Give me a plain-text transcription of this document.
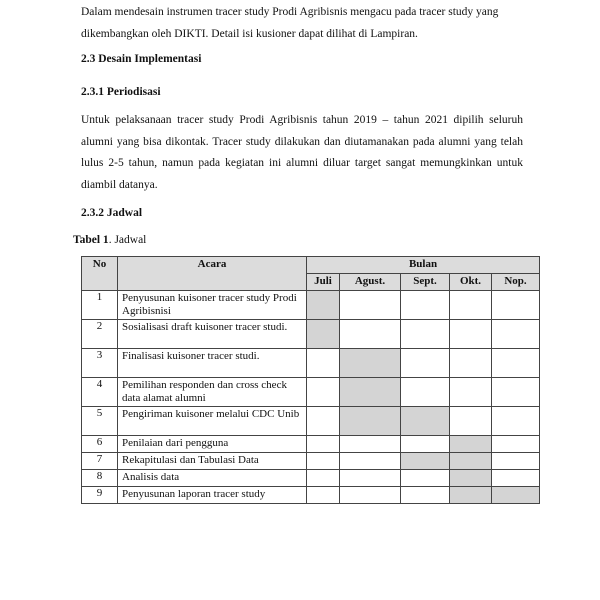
Dalam mendesain instrumen tracer study Prodi Agribisnis mengacu pada tracer study yang

dikembangkan oleh DIKTI. Detail isi kusioner dapat dilihat di Lampiran.

2.3 Desain Implementasi

2.3.1 Periodisasi

Untuk pelaksanaan tracer study Prodi Agribisnis tahun 2019 – tahun 2021 dipilih seluruh alumni yang bisa dikontak. Tracer study dilakukan dan diutamanakan pada alumni yang telah lulus 2-5 tahun, namun pada kegiatan ini alumni diluar target sangat memungkinkan untuk diambil datanya.

2.3.2 Jadwal

Tabel 1. Jadwal
No	Acara	Bulan				
		Juli	Agust.	Sept.	Okt.	Nop.
1	Penyusunan kuisoner tracer study Prodi Agribisnisi					
2	Sosialisasi draft kuisoner tracer studi.					
3	Finalisasi kuisoner tracer studi.					
4	Pemilihan responden dan cross check data alamat alumni					
5	Pengiriman kuisoner melalui CDC Unib					
6	Penilaian dari pengguna					
7	Rekapitulasi dan Tabulasi Data					
8	Analisis data					
9	Penyusunan laporan tracer study					
